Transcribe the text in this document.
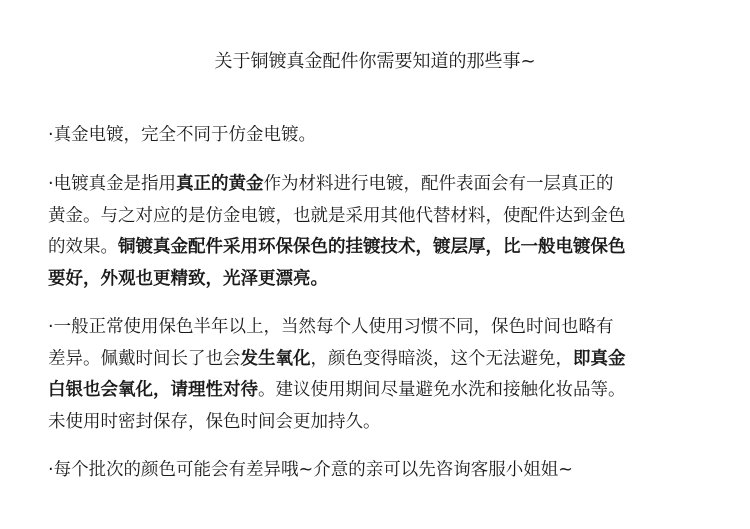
关于铜镀真金配件你需要知道的那些事~
·真金电镀，完全不同于仿金电镀。
·电镀真金是指用真正的黄金作为材料进行电镀，配件表面会有一层真正的
黄金。与之对应的是仿金电镀，也就是采用其他代替材料，使配件达到金色
的效果。铜镀真金配件采用环保保色的挂镀技术，镀层厚，比一般电镀保色
要好，外观也更精致，光泽更漂亮。
·一般正常使用保色半年以上，当然每个人使用习惯不同，保色时间也略有
差异。佩戴时间长了也会发生氧化，颜色变得暗淡，这个无法避免，即真金
白银也会氧化，请理性对待。建议使用期间尽量避免水洗和接触化妆品等。
未使用时密封保存，保色时间会更加持久。
·每个批次的颜色可能会有差异哦~介意的亲可以先咨询客服小姐姐~
